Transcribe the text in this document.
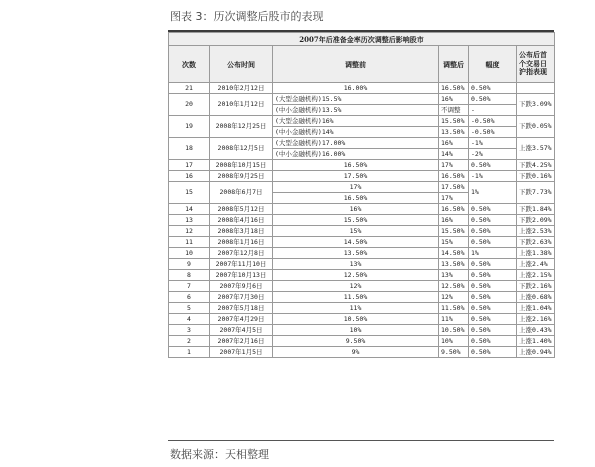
图表 3：历次调整后股市的表现
2007年后准备金率历次调整后影响股市					
次数	公布时间	调整前	调整后	幅度	公布后首个交易日沪指表现
21	2010年2月12日	16.00%	16.50%	0.50%	
20	2010年1月12日	(大型金融机构)15.5%	16%	0.50%	下跌3.09%
		(中小金融机构)13.5%	不调整	-	
19	2008年12月25日	(大型金融机构)16%	15.50%	-0.50%	下跌0.05%
		(中小金融机构)14%	13.50%	-0.50%	
18	2008年12月5日	(大型金融机构)17.00%	16%	-1%	上涨3.57%
		(中小金融机构)16.00%	14%	-2%	
17	2008年10月15日	16.50%	17%	0.50%	下跌4.25%
16	2008年9月25日	17.50%	16.50%	-1%	下跌0.16%
15	2008年6月7日	17%	17.50%	1%	下跌7.73%
		16.50%	17%		
14	2008年5月12日	16%	16.50%	0.50%	下跌1.84%
13	2008年4月16日	15.50%	16%	0.50%	下跌2.09%
12	2008年3月18日	15%	15.50%	0.50%	上涨2.53%
11	2008年1月16日	14.50%	15%	0.50%	下跌2.63%
10	2007年12月8日	13.50%	14.50%	1%	上涨1.38%
9	2007年11月10日	13%	13.50%	0.50%	上涨2.4%
8	2007年10月13日	12.50%	13%	0.50%	上涨2.15%
7	2007年9月6日	12%	12.50%	0.50%	下跌2.16%
6	2007年7月30日	11.50%	12%	0.50%	上涨0.68%
5	2007年5月18日	11%	11.50%	0.50%	上涨1.04%
4	2007年4月29日	10.50%	11%	0.50%	上涨2.16%
3	2007年4月5日	10%	10.50%	0.50%	上涨0.43%
2	2007年2月16日	9.50%	10%	0.50%	上涨1.40%
1	2007年1月5日	9%	9.50%	0.50%	上涨0.94%
数据来源：天相整理
